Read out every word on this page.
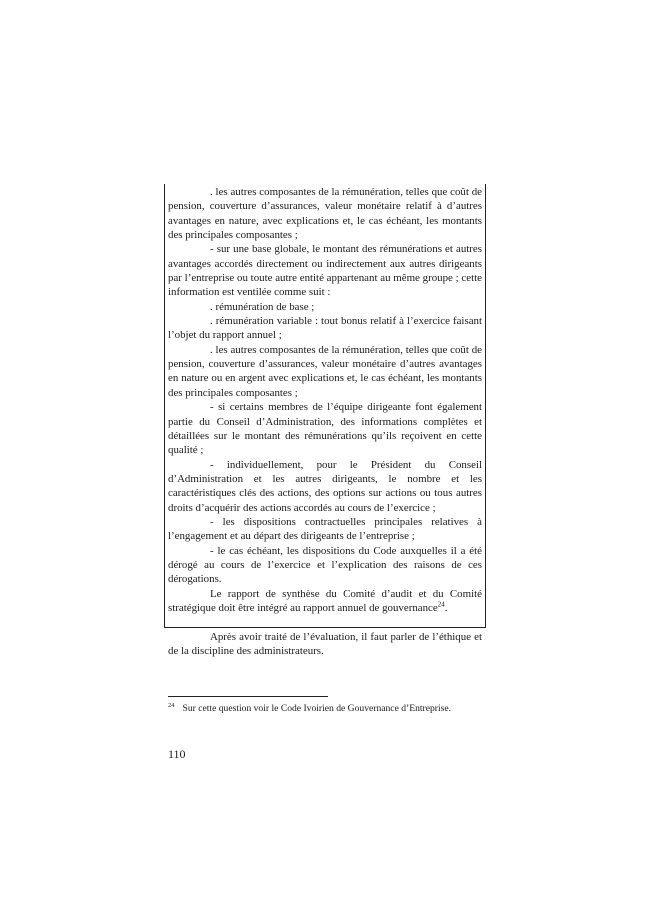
. les autres composantes de la rémunération, telles que coût de pension, couverture d’assurances, valeur monétaire relatif à d’autres avantages en nature, avec explications et, le cas échéant, les montants des principales composantes ;

- sur une base globale, le montant des rémunérations et autres avantages accordés directement ou indirectement aux autres dirigeants par l’entreprise ou toute autre entité appartenant au même groupe ; cette information est ventilée comme suit :

. rémunération de base ;

. rémunération variable : tout bonus relatif à l’exercice faisant l’objet du rapport annuel ;

. les autres composantes de la rémunération, telles que coût de pension, couverture d’assurances, valeur monétaire d’autres avantages en nature ou en argent avec explications et, le cas échéant, les montants des principales composantes ;

- si certains membres de l’équipe dirigeante font également partie du Conseil d’Administration, des informations complètes et détaillées sur le montant des rémunérations qu’ils reçoivent en cette qualité ;

- individuellement, pour le Président du Conseil d’Administration et les autres dirigeants, le nombre et les caractéristiques clés des actions, des options sur actions ou tous autres droits d’acquérir des actions accordés au cours de l’exercice ;

- les dispositions contractuelles principales relatives à l’engagement et au départ des dirigeants de l’entreprise ;

- le cas échéant, les dispositions du Code auxquelles il a été dérogé au cours de l’exercice et l’explication des raisons de ces dérogations.

Le rapport de synthèse du Comité d’audit et du Comité stratégique doit être intégré au rapport annuel de gouvernance$^{24}$.

Après avoir traité de l’évaluation, il faut parler de l’éthique et de la discipline des administrateurs.

$^{24}$ Sur cette question voir le Code Ivoirien de Gouvernance d’Entreprise.
110
